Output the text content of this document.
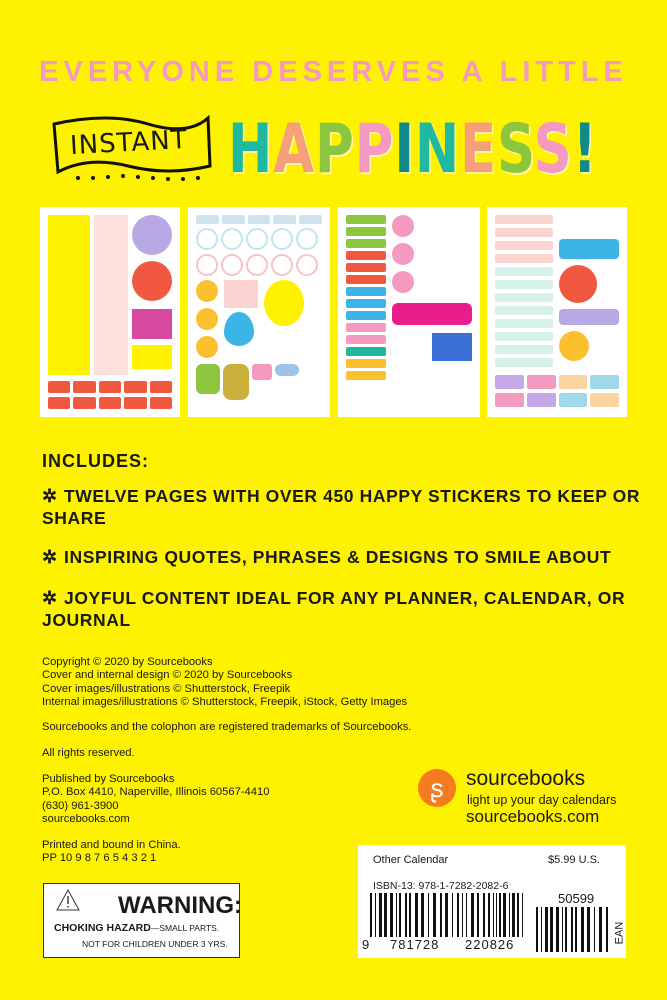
EVERYONE DESERVES A LITTLE
INSTANT HAPPINESS!
INCLUDES:
✲ TWELVE PAGES WITH OVER 450 HAPPY STICKERS TO KEEP OR SHARE
✲ INSPIRING QUOTES, PHRASES & DESIGNS TO SMILE ABOUT
✲ JOYFUL CONTENT IDEAL FOR ANY PLANNER, CALENDAR, OR JOURNAL
Copyright © 2020 by Sourcebooks
Cover and internal design © 2020 by Sourcebooks
Cover images/illustrations © Shutterstock, Freepik
Internal images/illustrations © Shutterstock, Freepik, iStock, Getty Images
Sourcebooks and the colophon are registered trademarks of Sourcebooks.
All rights reserved.
Published by Sourcebooks
P.O. Box 4410, Naperville, Illinois 60567-4410
(630) 961-3900
sourcebooks.com
Printed and bound in China.
PP 10 9 8 7 6 5 4 3 2 1
ʂ	sourcebooks
light up your day calendars
sourcebooks.com
Other Calendar	$5.99 U.S.
ISBN-13: 978-1-7282-2082-6
9 781728 220826
50599
EAN
WARNING:
CHOKING HAZARD—SMALL PARTS.
NOT FOR CHILDREN UNDER 3 YRS.
